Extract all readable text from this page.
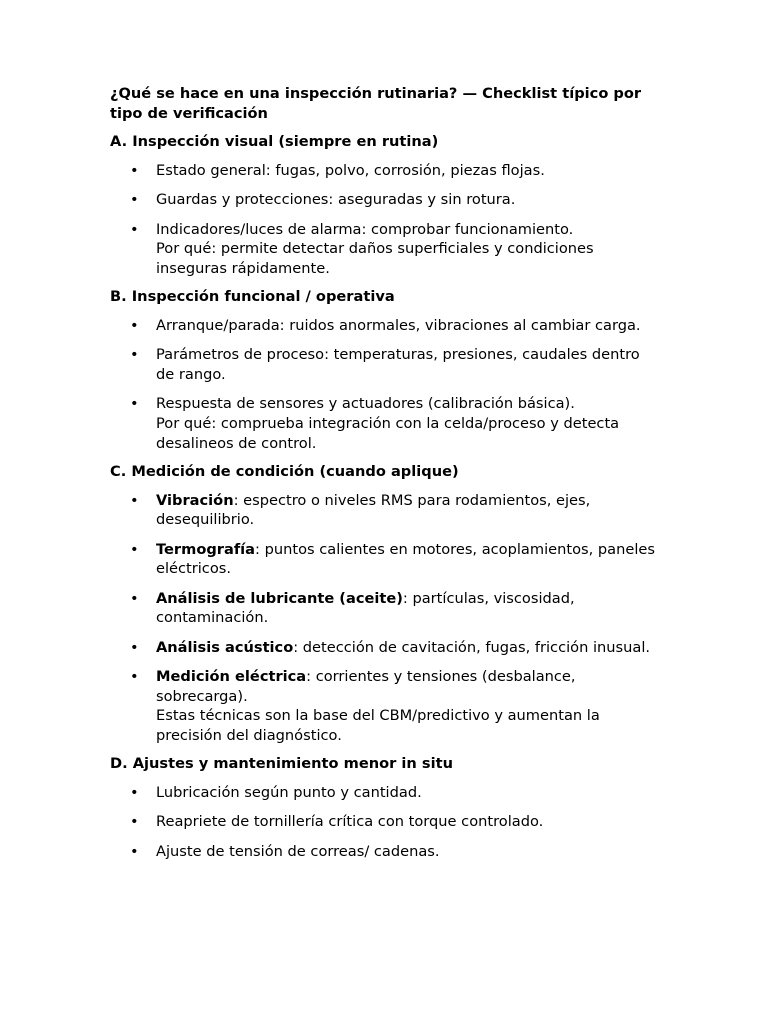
¿Qué se hace en una inspección rutinaria? — Checklist típico por tipo de verificación
A. Inspección visual (siempre en rutina)
• Estado general: fugas, polvo, corrosión, piezas flojas.
• Guardas y protecciones: aseguradas y sin rotura.
• Indicadores/luces de alarma: comprobar funcionamiento.
Por qué: permite detectar daños superficiales y condiciones inseguras rápidamente.
B. Inspección funcional / operativa
• Arranque/parada: ruidos anormales, vibraciones al cambiar carga.
• Parámetros de proceso: temperaturas, presiones, caudales dentro de rango.
• Respuesta de sensores y actuadores (calibración básica).
Por qué: comprueba integración con la celda/proceso y detecta desalineos de control.
C. Medición de condición (cuando aplique)
• Vibración: espectro o niveles RMS para rodamientos, ejes, desequilibrio.
• Termografía: puntos calientes en motores, acoplamientos, paneles eléctricos.
• Análisis de lubricante (aceite): partículas, viscosidad, contaminación.
• Análisis acústico: detección de cavitación, fugas, fricción inusual.
• Medición eléctrica: corrientes y tensiones (desbalance, sobrecarga).
Estas técnicas son la base del CBM/predictivo y aumentan la precisión del diagnóstico.
D. Ajustes y mantenimiento menor in situ
• Lubricación según punto y cantidad.
• Reapriete de tornillería crítica con torque controlado.
• Ajuste de tensión de correas/ cadenas.
